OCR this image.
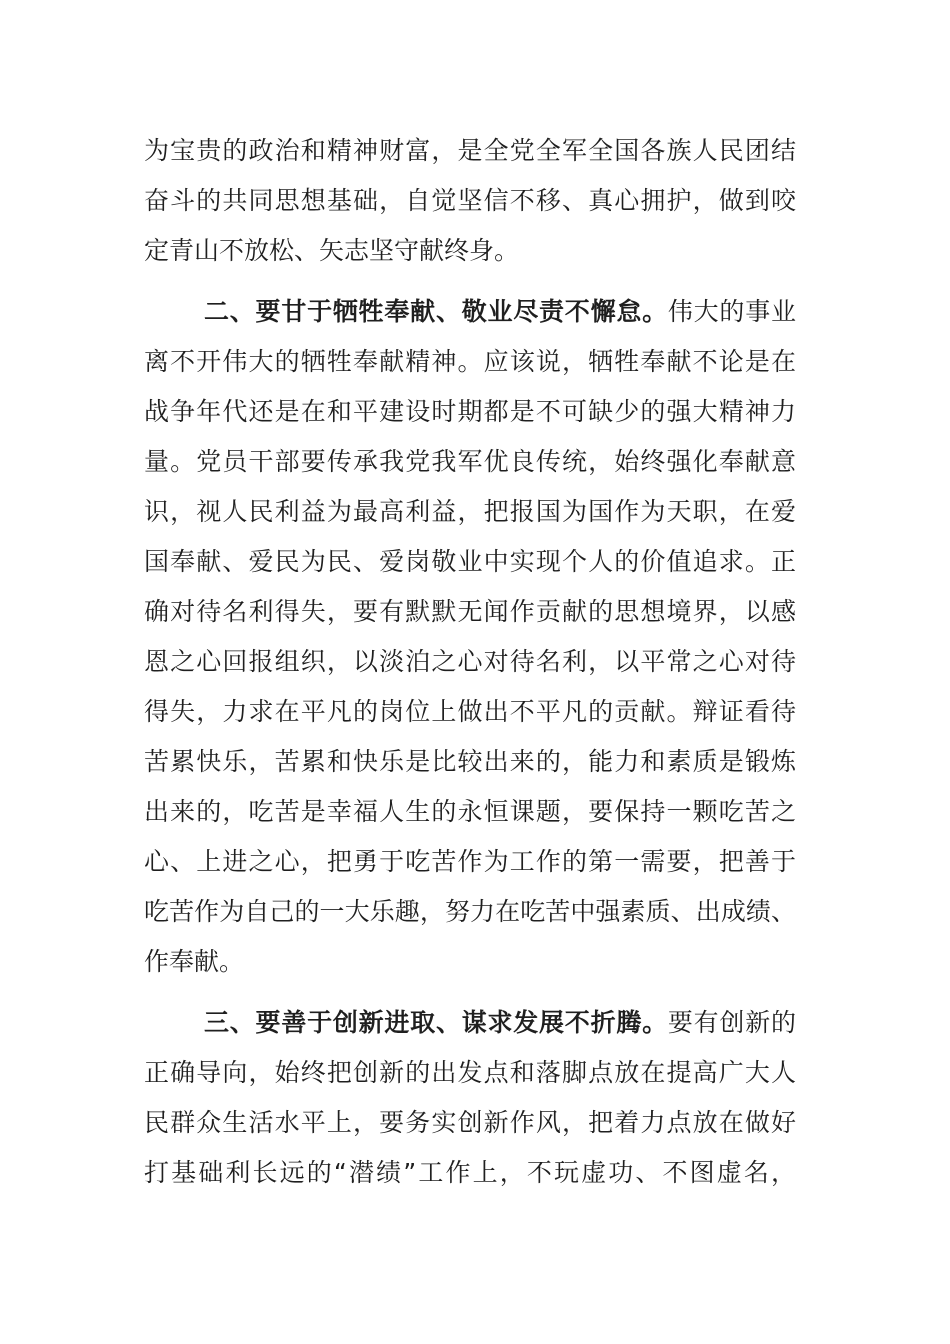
为宝贵的政治和精神财富，是全党全军全国各族人民团结
奋斗的共同思想基础，自觉坚信不移、真心拥护，做到咬
定青山不放松、矢志坚守献终身。
二、要甘于牺牲奉献、敬业尽责不懈怠。伟大的事业
离不开伟大的牺牲奉献精神。应该说，牺牲奉献不论是在
战争年代还是在和平建设时期都是不可缺少的强大精神力
量。党员干部要传承我党我军优良传统，始终强化奉献意
识，视人民利益为最高利益，把报国为国作为天职，在爱
国奉献、爱民为民、爱岗敬业中实现个人的价值追求。正
确对待名利得失，要有默默无闻作贡献的思想境界，以感
恩之心回报组织，以淡泊之心对待名利，以平常之心对待
得失，力求在平凡的岗位上做出不平凡的贡献。辩证看待
苦累快乐，苦累和快乐是比较出来的，能力和素质是锻炼
出来的，吃苦是幸福人生的永恒课题，要保持一颗吃苦之
心、上进之心，把勇于吃苦作为工作的第一需要，把善于
吃苦作为自己的一大乐趣，努力在吃苦中强素质、出成绩、
作奉献。
三、要善于创新进取、谋求发展不折腾。要有创新的
正确导向，始终把创新的出发点和落脚点放在提高广大人
民群众生活水平上，要务实创新作风，把着力点放在做好
打基础利长远的“潜绩”工作上，不玩虚功、不图虚名，
